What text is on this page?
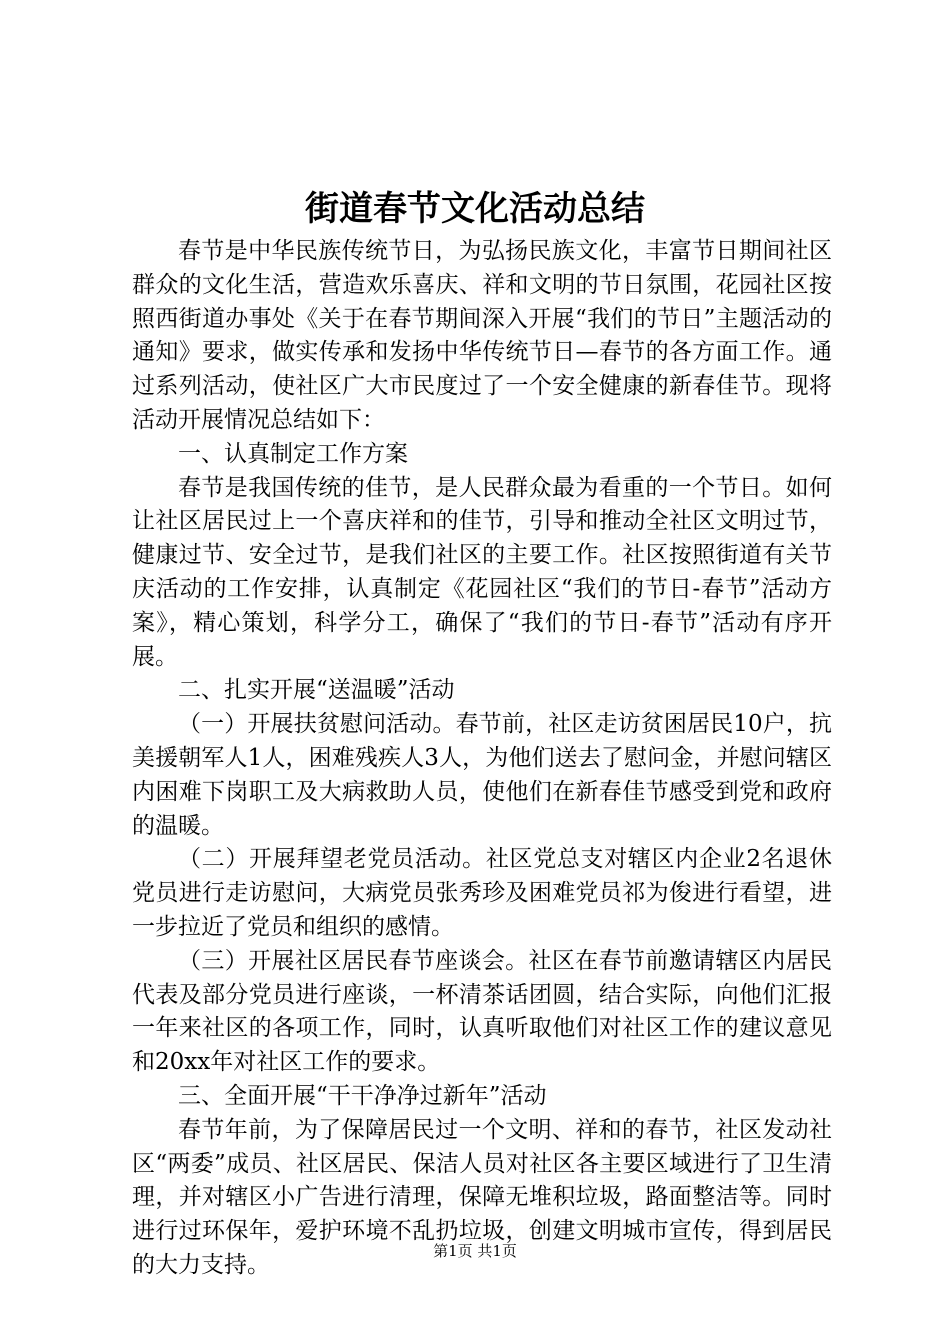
街道春节文化活动总结

春节是中华民族传统节日，为弘扬民族文化，丰富节日期间社区群众的文化生活，营造欢乐喜庆、祥和文明的节日氛围，花园社区按照西街道办事处《关于在春节期间深入开展“我们的节日”主题活动的通知》要求，做实传承和发扬中华传统节日—春节的各方面工作。通过系列活动，使社区广大市民度过了一个安全健康的新春佳节。现将活动开展情况总结如下：

一、认真制定工作方案

春节是我国传统的佳节，是人民群众最为看重的一个节日。如何让社区居民过上一个喜庆祥和的佳节，引导和推动全社区文明过节，健康过节、安全过节，是我们社区的主要工作。社区按照街道有关节庆活动的工作安排，认真制定《花园社区“我们的节日-春节”活动方案》，精心策划，科学分工，确保了“我们的节日-春节”活动有序开展。

二、扎实开展“送温暖”活动

（一）开展扶贫慰问活动。春节前，社区走访贫困居民10户，抗美援朝军人1人，困难残疾人3人，为他们送去了慰问金，并慰问辖区内困难下岗职工及大病救助人员，使他们在新春佳节感受到党和政府的温暖。

（二）开展拜望老党员活动。社区党总支对辖区内企业2名退休党员进行走访慰问，大病党员张秀珍及困难党员祁为俊进行看望，进一步拉近了党员和组织的感情。

（三）开展社区居民春节座谈会。社区在春节前邀请辖区内居民代表及部分党员进行座谈，一杯清茶话团圆，结合实际，向他们汇报一年来社区的各项工作，同时，认真听取他们对社区工作的建议意见和20xx年对社区工作的要求。

三、全面开展“干干净净过新年”活动

春节年前，为了保障居民过一个文明、祥和的春节，社区发动社区“两委”成员、社区居民、保洁人员对社区各主要区域进行了卫生清理，并对辖区小广告进行清理，保障无堆积垃圾，路面整洁等。同时进行过环保年，爱护环境不乱扔垃圾，创建文明城市宣传，得到居民的大力支持。

第1页 共1页
